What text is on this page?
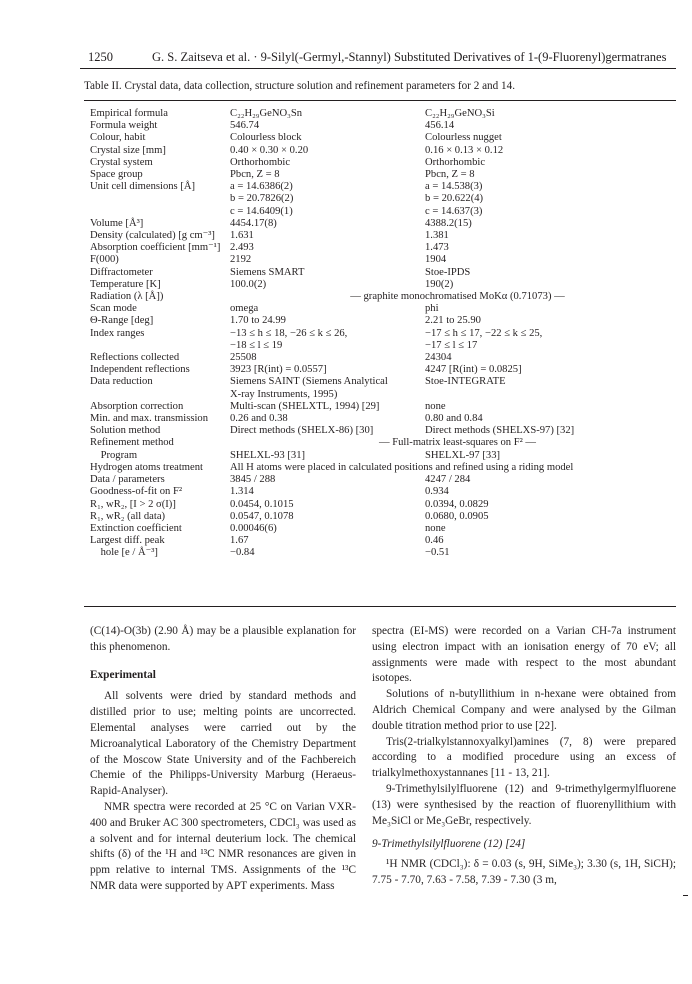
1250	G. S. Zaitseva et al. · 9-Silyl(-Germyl,-Stannyl) Substituted Derivatives of 1-(9-Fluorenyl)germatranes
Table II. Crystal data, data collection, structure solution and refinement parameters for 2 and 14.
Empirical formula	C₂₂H₂₉GeNO₃Sn	C₂₂H₂₉GeNO₃Si
Formula weight	546.74	456.14
Colour, habit	Colourless block	Colourless nugget
Crystal size [mm]	0.40 × 0.30 × 0.20	0.16 × 0.13 × 0.12
Crystal system	Orthorhombic	Orthorhombic
Space group	Pbcn, Z = 8	Pbcn, Z = 8
Unit cell dimensions [Å]	a = 14.6386(2)	a = 14.538(3)
	b = 20.7826(2)	b = 20.622(4)
	c = 14.6409(1)	c = 14.637(3)
Volume [Å³]	4454.17(8)	4388.2(15)
Density (calculated) [g cm⁻³]	1.631	1.381
Absorption coefficient [mm⁻¹]	2.493	1.473
F(000)	2192	1904
Diffractometer	Siemens SMART	Stoe-IPDS
Temperature [K]	100.0(2)	190(2)
Radiation (λ [Å])	— graphite monochromatised MoKα (0.71073) —	
Scan mode	omega	phi
Θ-Range [deg]	1.70 to 24.99	2.21 to 25.90
Index ranges	−13 ≤ h ≤ 18, −26 ≤ k ≤ 26,	−17 ≤ h ≤ 17, −22 ≤ k ≤ 25,
	−18 ≤ l ≤ 19	−17 ≤ l ≤ 17
Reflections collected	25508	24304
Independent reflections	3923 [R(int) = 0.0557]	4247 [R(int) = 0.0825]
Data reduction	Siemens SAINT (Siemens Analytical	Stoe-INTEGRATE
	X-ray Instruments, 1995)	
Absorption correction	Multi-scan (SHELXTL, 1994) [29]	none
Min. and max. transmission	0.26 and 0.38	0.80 and 0.84
Solution method	Direct methods (SHELX-86) [30]	Direct methods (SHELXS-97) [32]
Refinement method	— Full-matrix least-squares on F² —	
Program	SHELXL-93 [31]	SHELXL-97 [33]
Hydrogen atoms treatment	All H atoms were placed in calculated positions and refined using a riding model	
Data / parameters	3845 / 288	4247 / 284
Goodness-of-fit on F²	1.314	0.934
R₁, wR₂, [I > 2 σ(I)]	0.0454, 0.1015	0.0394, 0.0829
R₁, wR₂ (all data)	0.0547, 0.1078	0.0680, 0.0905
Extinction coefficient	0.00046(6)	none
Largest diff. peak	1.67	0.46
hole [e / Å⁻³]	−0.84	−0.51

(C(14)-O(3b) (2.90 Å) may be a plausible explanation for this phenomenon.

Experimental

All solvents were dried by standard methods and distilled prior to use; melting points are uncorrected. Elemental analyses were carried out by the Microanalytical Laboratory of the Chemistry Department of the Moscow State University and of the Fachbereich Chemie of the Philipps-University Marburg (Heraeus-Rapid-Analyser).

NMR spectra were recorded at 25 °C on Varian VXR-400 and Bruker AC 300 spectrometers, CDCl₃ was used as a solvent and for internal deuterium lock. The chemical shifts (δ) of the ¹H and ¹³C NMR resonances are given in ppm relative to internal TMS. Assignments of the ¹³C NMR data were supported by APT experiments. Mass

spectra (EI-MS) were recorded on a Varian CH-7a instrument using electron impact with an ionisation energy of 70 eV; all assignments were made with respect to the most abundant isotopes.

Solutions of n-butyllithium in n-hexane were obtained from Aldrich Chemical Company and were analysed by the Gilman double titration method prior to use [22].

Tris(2-trialkylstannoxyalkyl)amines (7, 8) were prepared according to a modified procedure using an excess of trialkylmethoxystannanes [11 - 13, 21].

9-Trimethylsilylfluorene (12) and 9-trimethylgermylfluorene (13) were synthesised by the reaction of fluorenyllithium with Me₃SiCl or Me₃GeBr, respectively.

9-Trimethylsilylfluorene (12) [24]

¹H NMR (CDCl₃): δ = 0.03 (s, 9H, SiMe₃); 3.30 (s, 1H, SiCH); 7.75 - 7.70, 7.63 - 7.58, 7.39 - 7.30 (3 m,
